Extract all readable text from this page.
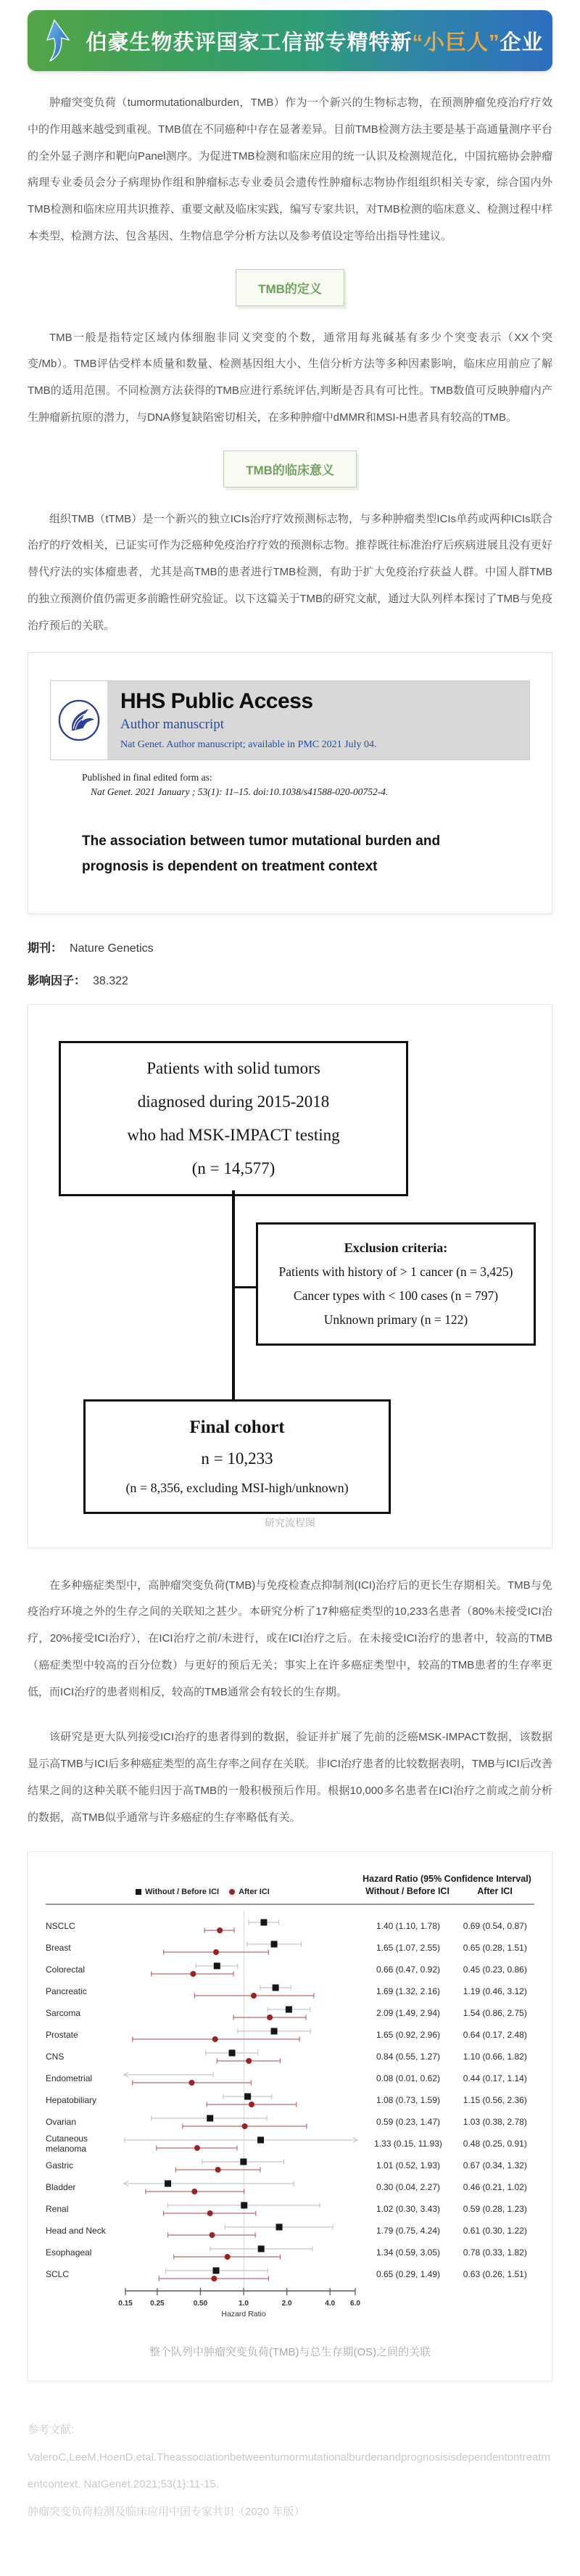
伯豪生物获评国家工信部专精特新“小巨人”企业

肿瘤突变负荷（tumormutationalburden，TMB）作为一个新兴的生物标志物，在预测肿瘤免疫治疗疗效中的作用越来越受到重视。TMB值在不同癌种中存在显著差异。目前TMB检测方法主要是基于高通量测序平台的全外显子测序和靶向Panel测序。为促进TMB检测和临床应用的统一认识及检测规范化，中国抗癌协会肿瘤病理专业委员会分子病理协作组和肿瘤标志专业委员会遗传性肿瘤标志物协作组组织相关专家，综合国内外TMB检测和临床应用共识推荐、重要文献及临床实践，编写专家共识，对TMB检测的临床意义、检测过程中样本类型、检测方法、包含基因、生物信息学分析方法以及参考值设定等给出指导性建议。

TMB的定义

TMB一般是指特定区域内体细胞非同义突变的个数，通常用每兆碱基有多少个突变表示（XX个突变/Mb）。TMB评估受样本质量和数量、检测基因组大小、生信分析方法等多种因素影响，临床应用前应了解TMB的适用范围。不同检测方法获得的TMB应进行系统评估,判断是否具有可比性。TMB数值可反映肿瘤内产生肿瘤新抗原的潜力，与DNA修复缺陷密切相关，在多种肿瘤中dMMR和MSI-H患者具有较高的TMB。

TMB的临床意义

组织TMB（tTMB）是一个新兴的独立ICIs治疗疗效预测标志物，与多种肿瘤类型ICIs单药或两种ICIs联合治疗的疗效相关，已证实可作为泛癌种免疫治疗疗效的预测标志物。推荐既往标准治疗后疾病进展且没有更好替代疗法的实体瘤患者，尤其是高TMB的患者进行TMB检测，有助于扩大免疫治疗获益人群。中国人群TMB的独立预测价值仍需更多前瞻性研究验证。以下这篇关于TMB的研究文献，通过大队列样本探讨了TMB与免疫治疗预后的关联。

HHS Public Access
Author manuscript
Nat Genet. Author manuscript; available in PMC 2021 July 04.
Published in final edited form as:
Nat Genet. 2021 January ; 53(1): 11–15. doi:10.1038/s41588-020-00752-4.
The association between tumor mutational burden and prognosis is dependent on treatment context
期刊： Nature Genetics
影响因子： 38.322
Patients with solid tumors
diagnosed during 2015-2018
who had MSK-IMPACT testing
(n = 14,577)
Exclusion criteria:
Patients with history of > 1 cancer (n = 3,425)
Cancer types with < 100 cases (n = 797)
Unknown primary (n = 122)
Final cohort
n = 10,233
(n = 8,356, excluding MSI-high/unknown)
研究流程图

在多种癌症类型中，高肿瘤突变负荷(TMB)与免疫检查点抑制剂(ICI)治疗后的更长生存期相关。TMB与免疫治疗环境之外的生存之间的关联知之甚少。本研究分析了17种癌症类型的10,233名患者（80%未接受ICI治疗，20%接受ICI治疗），在ICI治疗之前/未进行，或在ICI治疗之后。在未接受ICI治疗的患者中，较高的TMB（癌症类型中较高的百分位数）与更好的预后无关；事实上在许多癌症类型中，较高的TMB患者的生存率更低，而ICI治疗的患者则相反，较高的TMB通常会有较长的生存期。

该研究是更大队列接受ICI治疗的患者得到的数据，验证并扩展了先前的泛癌MSK-IMPACT数据，该数据显示高TMB与ICI后多种癌症类型的高生存率之间存在关联。非ICI治疗患者的比较数据表明，TMB与ICI后改善结果之间的这种关联不能归因于高TMB的一般积极预后作用。根据10,000多名患者在ICI治疗之前或之前分析的数据，高TMB似乎通常与许多癌症的生存率略低有关。

Without / Before ICI After ICI
Hazard Ratio (95% Confidence Interval)
Without / Before ICI	After ICI
NSCLC	1.40 (1.10, 1.78)	0.69 (0.54, 0.87)
Breast	1.65 (1.07, 2.55)	0.65 (0.28, 1.51)
Colorectal	0.66 (0.47, 0.92)	0.45 (0.23, 0.86)
Pancreatic	1.69 (1.32, 2.16)	1.19 (0.46, 3.12)
Sarcoma	2.09 (1.49, 2.94)	1.54 (0.86, 2.75)
Prostate	1.65 (0.92, 2.96)	0.64 (0.17, 2.48)
CNS	0.84 (0.55, 1.27)	1.10 (0.66, 1.82)
Endometrial	0.08 (0.01, 0.62)	0.44 (0.17, 1.14)
Hepatobiliary	1.08 (0.73, 1.59)	1.15 (0.56, 2.36)
Ovarian	0.59 (0.23, 1.47)	1.03 (0.38, 2.78)
Cutaneous melanoma	1.33 (0.15, 11.93)	0.48 (0.25, 0.91)
Gastric	1.01 (0.52, 1.93)	0.67 (0.34, 1.32)
Bladder	0.30 (0.04, 2.27)	0.46 (0.21, 1.02)
Renal	1.02 (0.30, 3.43)	0.59 (0.28, 1.23)
Head and Neck	1.79 (0.75, 4.24)	0.61 (0.30, 1.22)
Esophageal	1.34 (0.59, 3.05)	0.78 (0.33, 1.82)
SCLC	0.65 (0.29, 1.49)	0.63 (0.26, 1.51)
0.15 0.25	0.50	1.0	2.0	4.0 6.0
Hazard Ratio
整个队列中肿瘤突变负荷(TMB)与总生存期(OS)之间的关联
参考文献:
ValeroC,LeeM,HoenD,etal.Theassociationbetweentumormutationalburdenandprognosisisdependentontreatmentcontext. NatGenet.2021;53(1):11-15.
肿瘤突变负荷检测及临床应用中国专家共识（2020 年版）
